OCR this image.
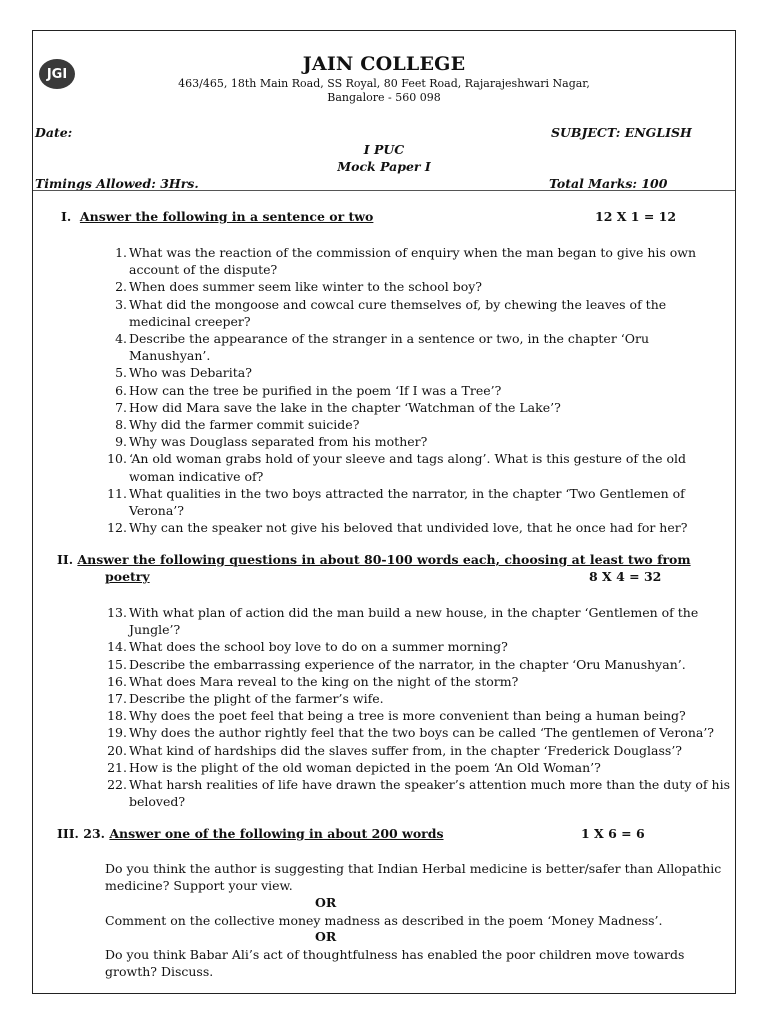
JGI	JAIN COLLEGE
463/465, 18th Main Road, SS Royal, 80 Feet Road, Rajarajeshwari Nagar,
Bangalore - 560 098
Date:	SUBJECT: ENGLISH
I PUC
Mock Paper I
Timings Allowed: 3Hrs.	Total Marks: 100
I. Answer the following in a sentence or two	12 X 1 = 12
1. What was the reaction of the commission of enquiry when the man began to give his own account of the dispute?
2. When does summer seem like winter to the school boy?
3. What did the mongoose and cowcal cure themselves of, by chewing the leaves of the medicinal creeper?
4. Describe the appearance of the stranger in a sentence or two, in the chapter ‘Oru Manushyan’.
5. Who was Debarita?
6. How can the tree be purified in the poem ‘If I was a Tree’?
7. How did Mara save the lake in the chapter ‘Watchman of the Lake’?
8. Why did the farmer commit suicide?
9. Why was Douglass separated from his mother?
10. ‘An old woman grabs hold of your sleeve and tags along’. What is this gesture of the old woman indicative of?
11. What qualities in the two boys attracted the narrator, in the chapter ‘Two Gentlemen of Verona’?
12. Why can the speaker not give his beloved that undivided love, that he once had for her?
II. Answer the following questions in about 80-100 words each, choosing at least two from
poetry	8 X 4 = 32
13. With what plan of action did the man build a new house, in the chapter ‘Gentlemen of the Jungle’?
14. What does the school boy love to do on a summer morning?
15. Describe the embarrassing experience of the narrator, in the chapter ‘Oru Manushyan’.
16. What does Mara reveal to the king on the night of the storm?
17. Describe the plight of the farmer’s wife.
18. Why does the poet feel that being a tree is more convenient than being a human being?
19. Why does the author rightly feel that the two boys can be called ‘The gentlemen of Verona’?
20. What kind of hardships did the slaves suffer from, in the chapter ‘Frederick Douglass’?
21. How is the plight of the old woman depicted in the poem ‘An Old Woman’?
22. What harsh realities of life have drawn the speaker’s attention much more than the duty of his beloved?
III. 23. Answer one of the following in about 200 words	1 X 6 = 6
Do you think the author is suggesting that Indian Herbal medicine is better/safer than Allopathic medicine? Support your view.
OR
Comment on the collective money madness as described in the poem ‘Money Madness’.
OR
Do you think Babar Ali’s act of thoughtfulness has enabled the poor children move towards growth? Discuss.
